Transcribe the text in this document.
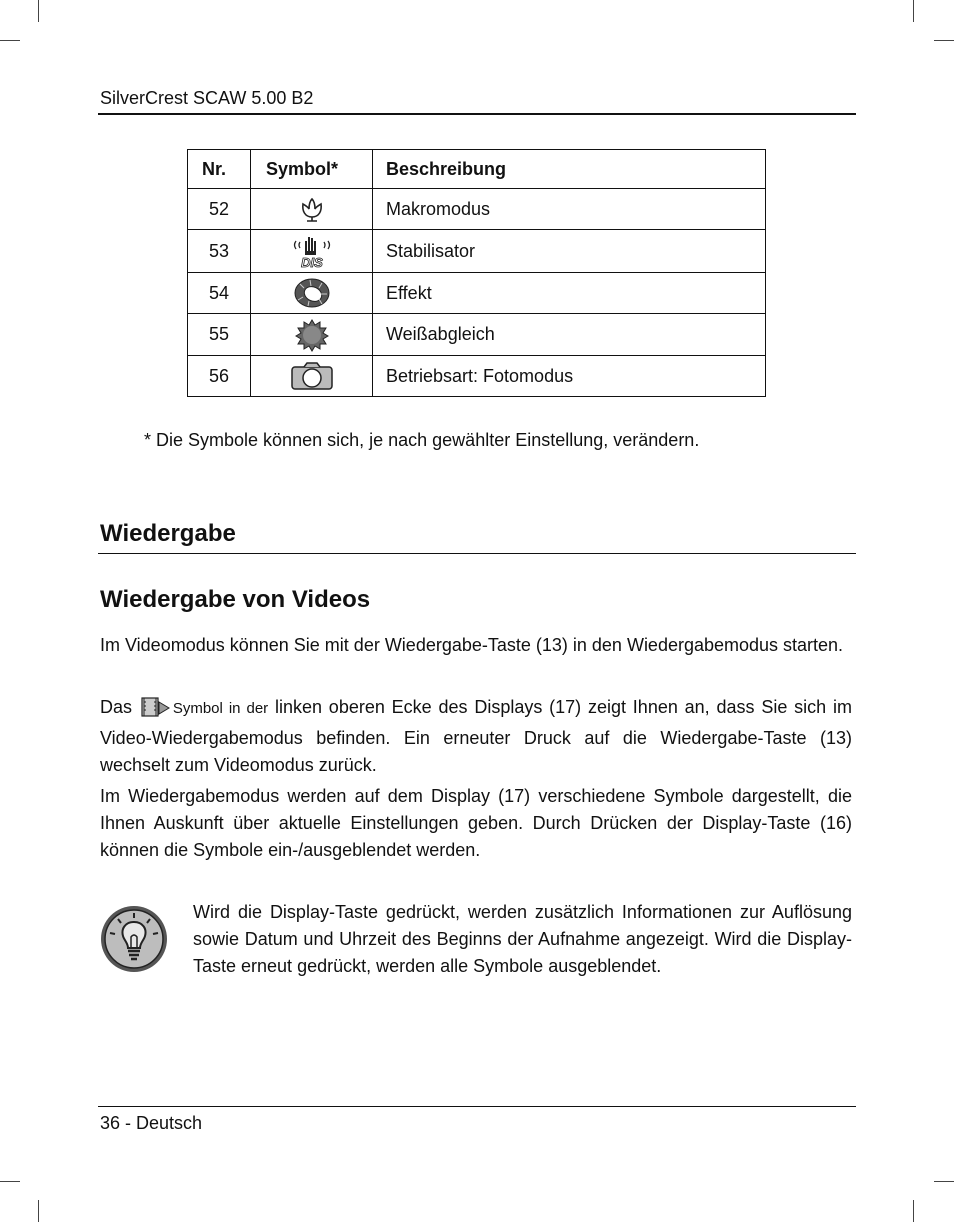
SilverCrest SCAW 5.00 B2
Nr.	Symbol*	Beschreibung
52		Makromodus
53	DIS	Stabilisator
54		Effekt
55		Weißabgleich
56		Betriebsart: Fotomodus
* Die Symbole können sich, je nach gewählter Einstellung, verändern.
Wiedergabe
Wiedergabe von Videos

Im Videomodus können Sie mit der Wiedergabe-Taste (13) in den Wiedergabemodus starten.

Das	Symbol in der linken oberen Ecke des Displays (17) zeigt Ihnen an, dass Sie sich im Video-Wiedergabemodus befinden. Ein erneuter Druck auf die Wiedergabe-Taste (13) wechselt zum Videomodus zurück.

Im Wiedergabemodus werden auf dem Display (17) verschiedene Symbole dargestellt, die Ihnen Auskunft über aktuelle Einstellungen geben. Durch Drücken der Display-Taste (16) können die Symbole ein-/ausgeblendet werden.

Wird die Display-Taste gedrückt, werden zusätzlich Informationen zur Auflösung sowie Datum und Uhrzeit des Beginns der Aufnahme angezeigt. Wird die Display-Taste erneut gedrückt, werden alle Symbole ausgeblendet.

36 - Deutsch
